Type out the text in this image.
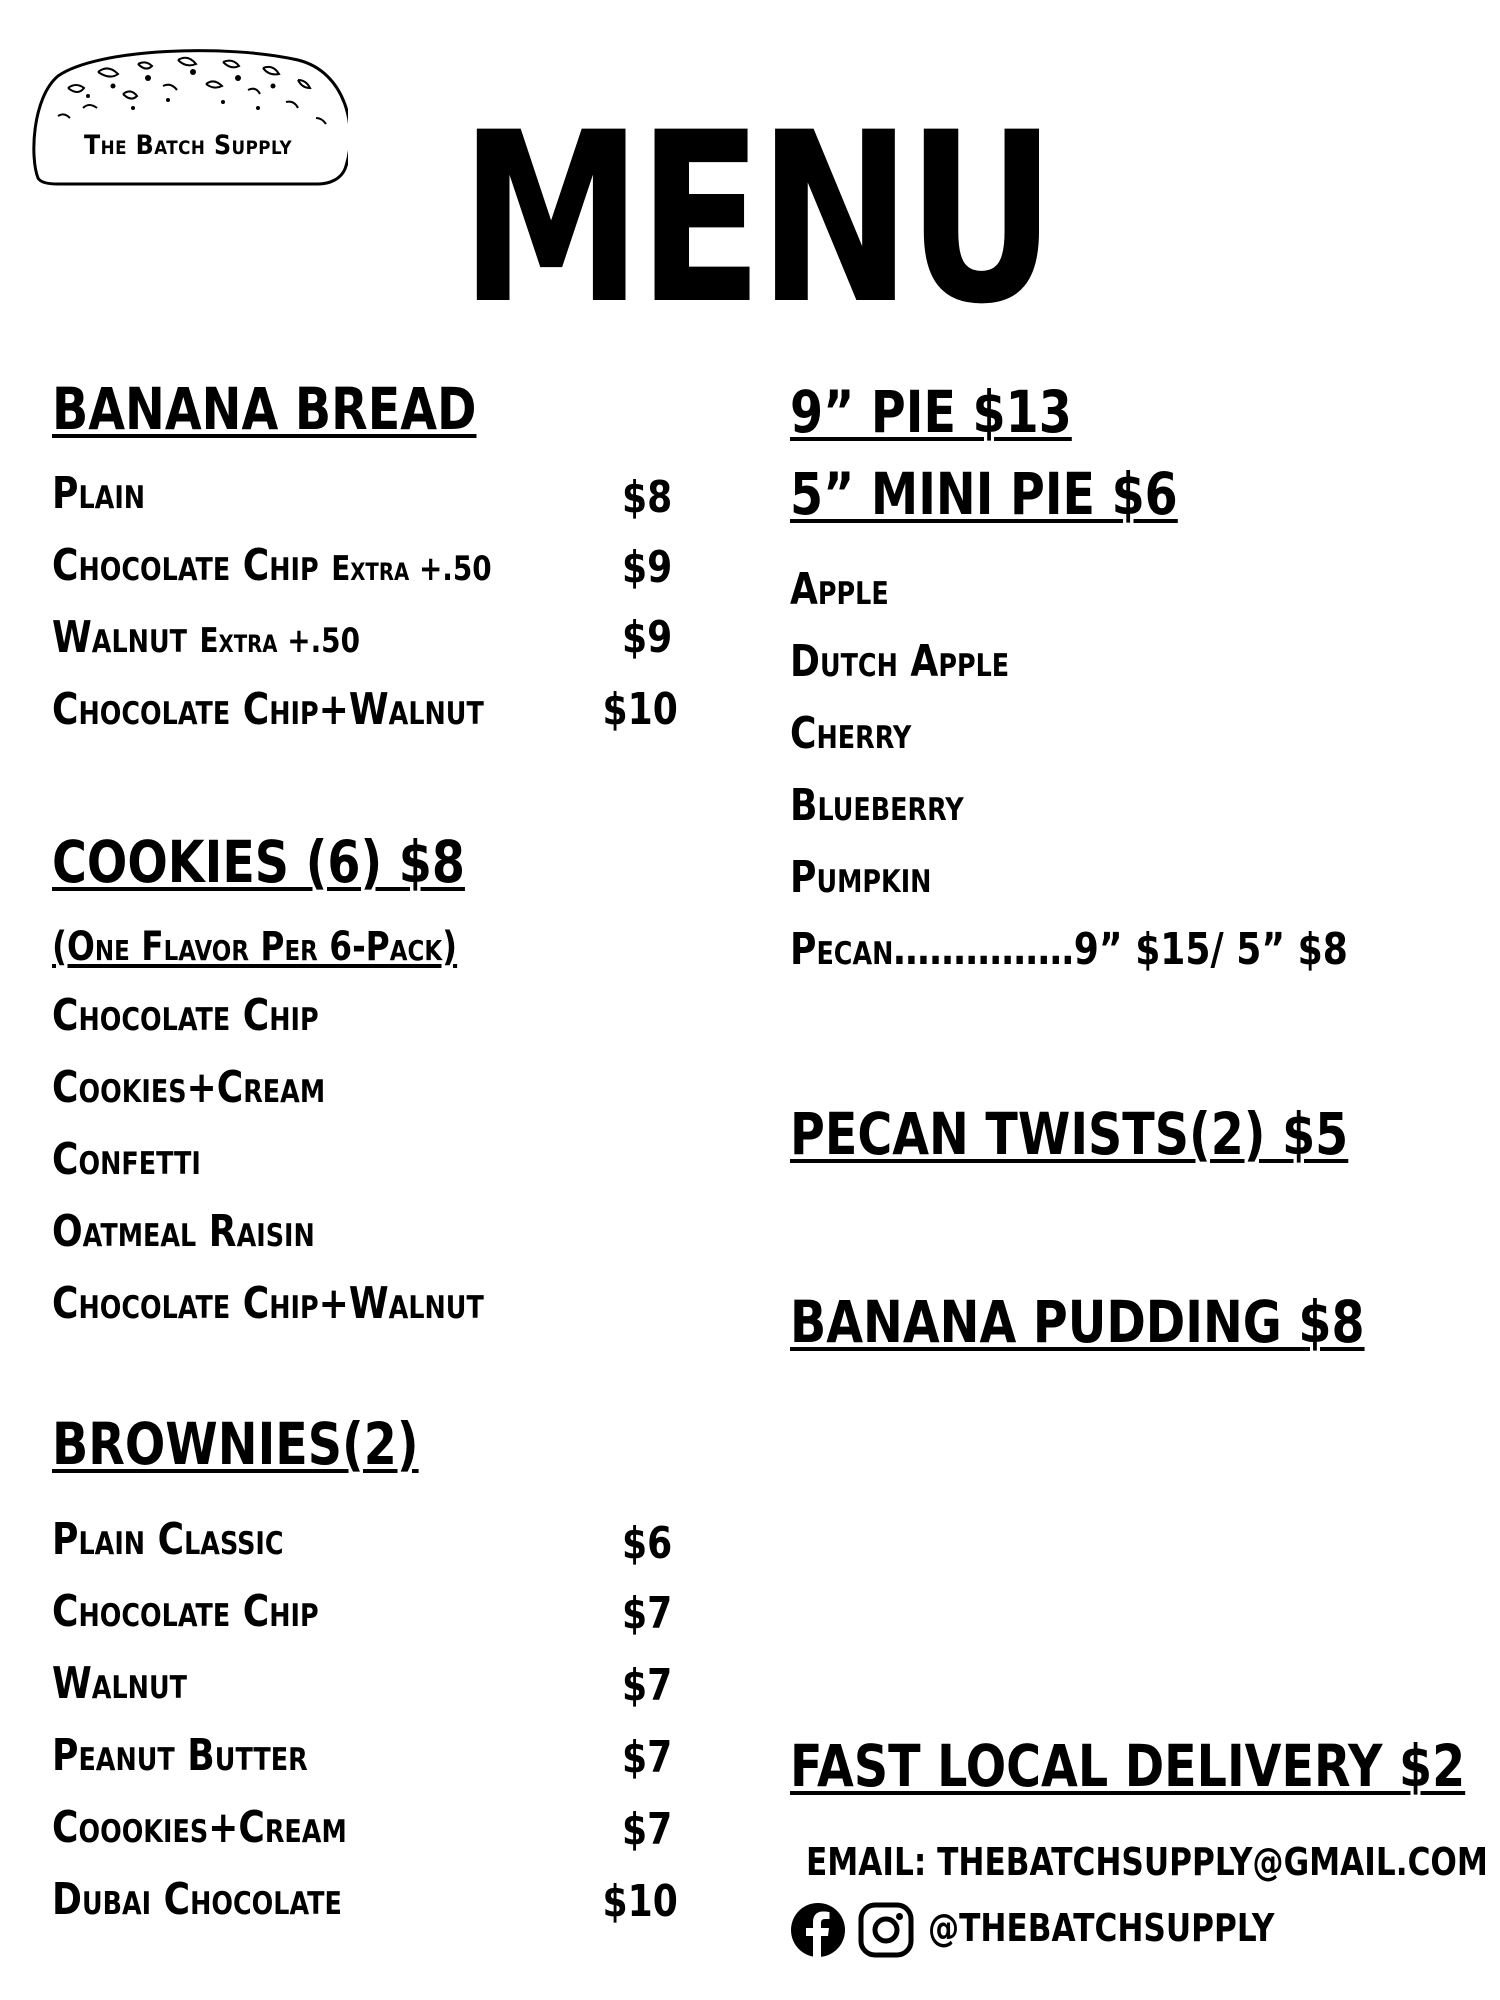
The Batch Supply MENU
BANANA BREAD
Plain	$8
Chocolate Chip Extra +.50	$9
Walnut Extra +.50	$9
Chocolate Chip+Walnut	$10
COOKIES (6) $8
(One Flavor Per 6-Pack)
Chocolate Chip
Cookies+Cream
Confetti
Oatmeal Raisin
Chocolate Chip+Walnut
BROWNIES(2)
Plain Classic	$6
Chocolate Chip	$7
Walnut	$7
Peanut Butter	$7
Coookies+Cream	$7
Dubai Chocolate	$10
9” PIE $13
5” MINI PIE $6
Apple
Dutch Apple
Cherry
Blueberry
Pumpkin
Pecan……………9” $15/ 5” $8
PECAN TWISTS(2) $5
BANANA PUDDING $8
FAST LOCAL DELIVERY $2
EMAIL: THEBATCHSUPPLY@GMAIL.COM
@THEBATCHSUPPLY
